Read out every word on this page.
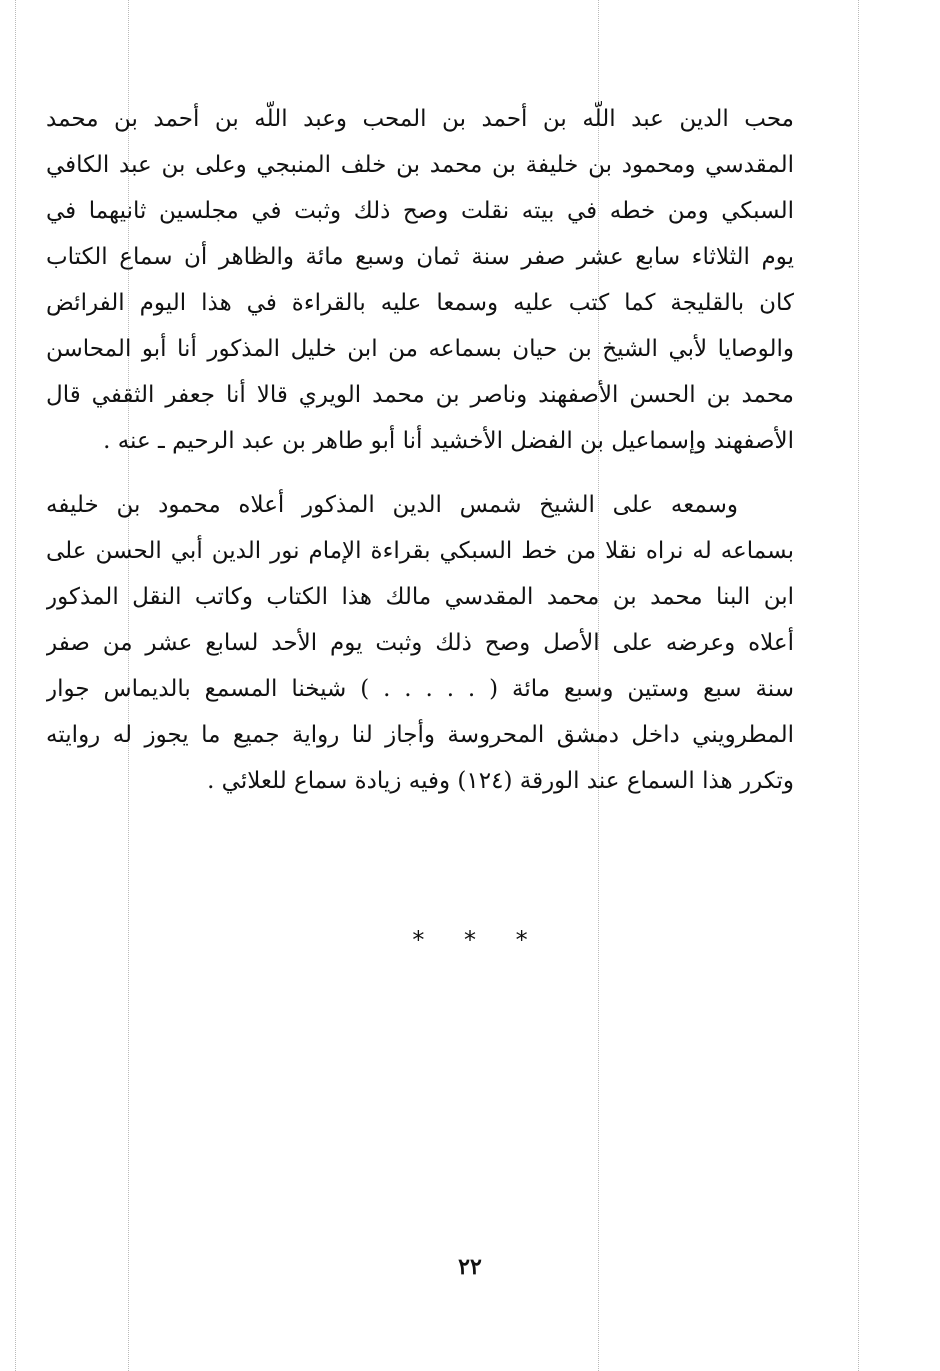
محب الدين عبد اللّه بن أحمد بن المحب وعبد اللّه بن أحمد بن محمد
المقدسي ومحمود بن خليفة بن محمد بن خلف المنبجي وعلى بن عبد الكافي
السبكي ومن خطه في بيته نقلت وصح ذلك وثبت في مجلسين ثانيهما في
يوم الثلاثاء سابع عشر صفر سنة ثمان وسبع مائة والظاهر أن سماع الكتاب
كان بالقليجة كما كتب عليه وسمعا عليه بالقراءة في هذا اليوم الفرائض
والوصايا لأبي الشيخ بن حيان بسماعه من ابن خليل المذكور أنا أبو المحاسن
محمد بن الحسن الأصفهند وناصر بن محمد الويري قالا أنا جعفر الثقفي قال
الأصفهند وإسماعيل بن الفضل الأخشيد أنا أبو طاهر بن عبد الرحيم ـ عنه .
وسمعه على الشيخ شمس الدين المذكور أعلاه محمود بن خليفه
بسماعه له نراه نقلا من خط السبكي بقراءة الإمام نور الدين أبي الحسن على
ابن البنا محمد بن محمد المقدسي مالك هذا الكتاب وكاتب النقل المذكور
أعلاه وعرضه على الأصل وصح ذلك وثبت يوم الأحد لسابع عشر من صفر
سنة سبع وستين وسبع مائة ( . . . . . ) شيخنا المسمع بالديماس جوار
المطرويني داخل دمشق المحروسة وأجاز لنا رواية جميع ما يجوز له روايته
وتكرر هذا السماع عند الورقة (١٢٤) وفيه زيادة سماع للعلائي .
* * *
٢٢
